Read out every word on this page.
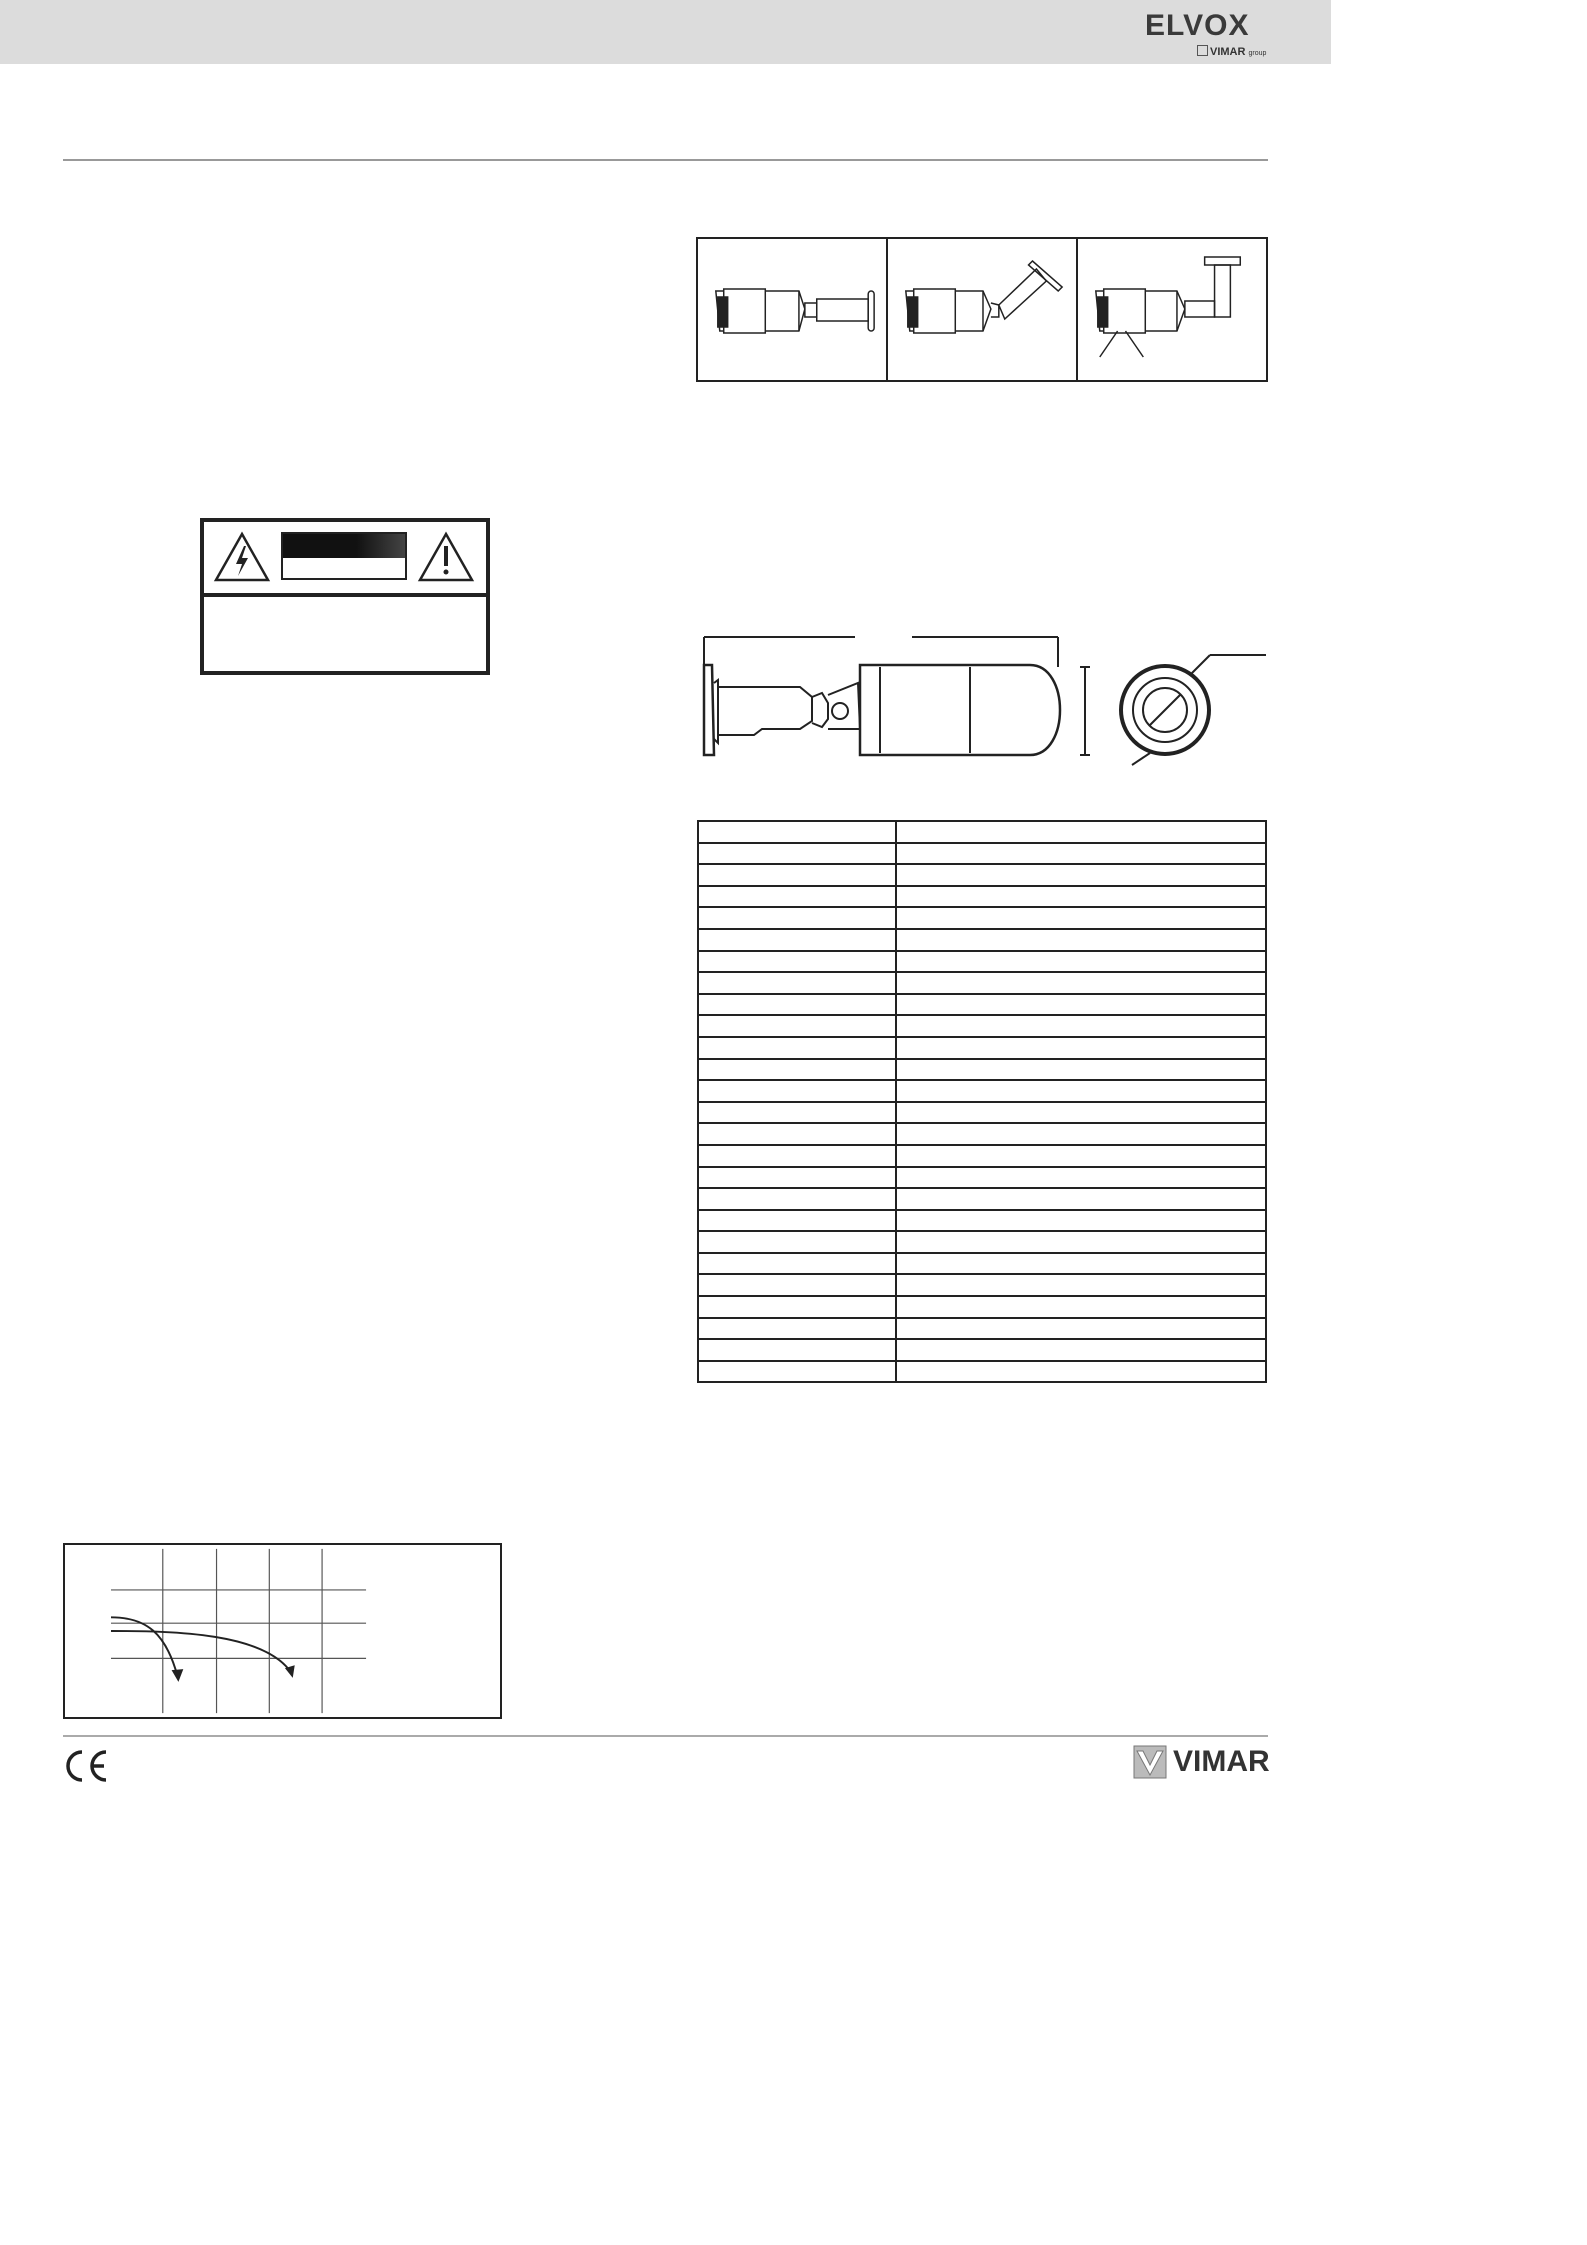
ELVOX
VIMAR group

VIMAR
